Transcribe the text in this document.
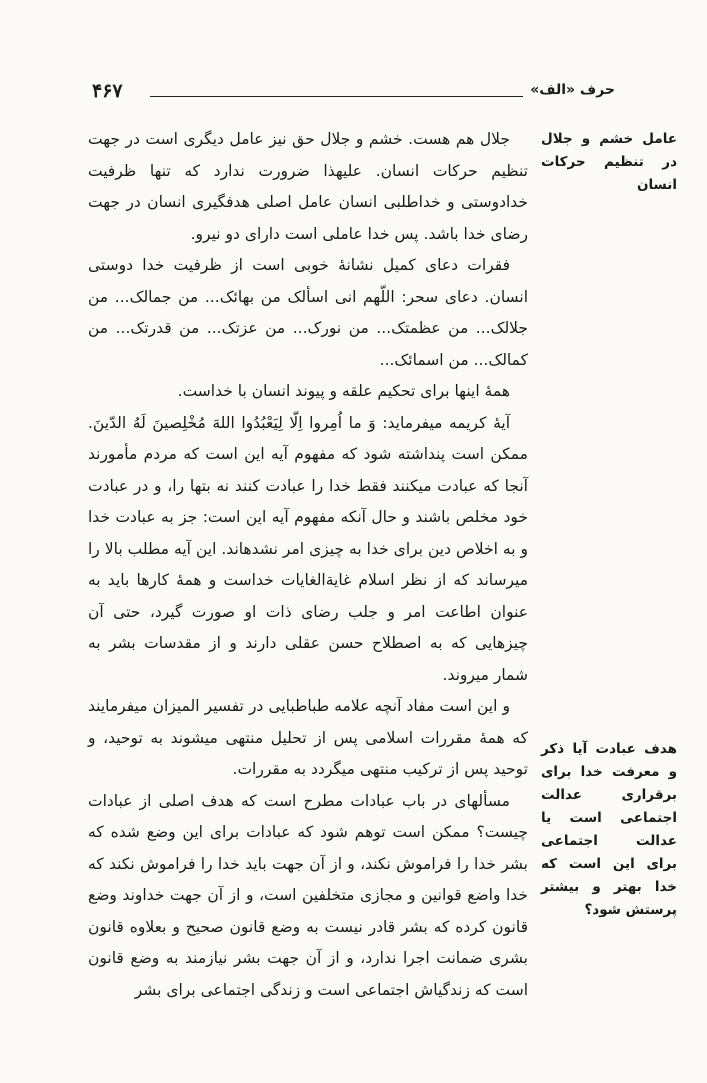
۴۶۷	حرف «الف»
عامل خشم و جلال در تنظیم حرکات انسان
هدف عبادت آیا ذکر و معرفت خدا برای برقراری عدالت اجتماعی است یا عدالت اجتماعی برای این است که خدا بهتر و بیشتر پرستش شود؟

جلال هم هست. خشم و جلال حق نیز عامل دیگری است در جهت تنظیم حرکات انسان. علیهذا ضرورت ندارد که تنها ظرفیت خدادوستی و خداطلبی انسان عامل اصلی هدفگیری انسان در جهت رضای خدا باشد. پس خدا عاملی است دارای دو نیرو.

فقرات دعای کمیل نشانهٔ خوبی است از ظرفیت خدا دوستی انسان. دعای سحر: اللّهم انی اسألک من بهائک... من جمالک... من جلالک... من عظمتک... من نورک... من عزتک... من قدرتک... من کمالک... من اسمائک...

همهٔ اینها برای تحکیم علقه و پیوند انسان با خداست.

آیهٔ کریمه میفرماید: وَ ما اُمِروا اِلّا لِیَعْبُدُوا اللهَ مُخْلِصینَ لَهُ الدّینَ. ممکن است پنداشته شود که مفهوم آیه این است که مردم مأمورند آنجا که عبادت میکنند فقط خدا را عبادت کنند نه بتها را، و در عبادت خود مخلص باشند و حال آنکه مفهوم آیه این است: جز به عبادت خدا و به اخلاص دین برای خدا به چیزی امر نشدهاند. این آیه مطلب بالا را میرساند که از نظر اسلام غایةالغایات خداست و همهٔ کارها باید به عنوان اطاعت امر و جلب رضای ذات او صورت گیرد، حتی آن چیزهایی که به اصطلاح حسن عقلی دارند و از مقدسات بشر به شمار میروند.

و این است مفاد آنچه علامه طباطبایی در تفسیر المیزان میفرمایند که همهٔ مقررات اسلامی پس از تحلیل منتهی میشوند به توحید، و توحید پس از ترکیب منتهی میگردد به مقررات.

مسألهای در باب عبادات مطرح است که هدف اصلی از عبادات چیست؟ ممکن است توهم شود که عبادات برای این وضع شده که بشر خدا را فراموش نکند، و از آن جهت باید خدا را فراموش نکند که خدا واضع قوانین و مجازی متخلفین است، و از آن جهت خداوند وضع قانون کرده که بشر قادر نیست به وضع قانون صحیح و بعلاوه قانون بشری ضمانت اجرا ندارد، و از آن جهت بشر نیازمند به وضع قانون است که زندگیاش اجتماعی است و زندگی اجتماعی برای بشر
